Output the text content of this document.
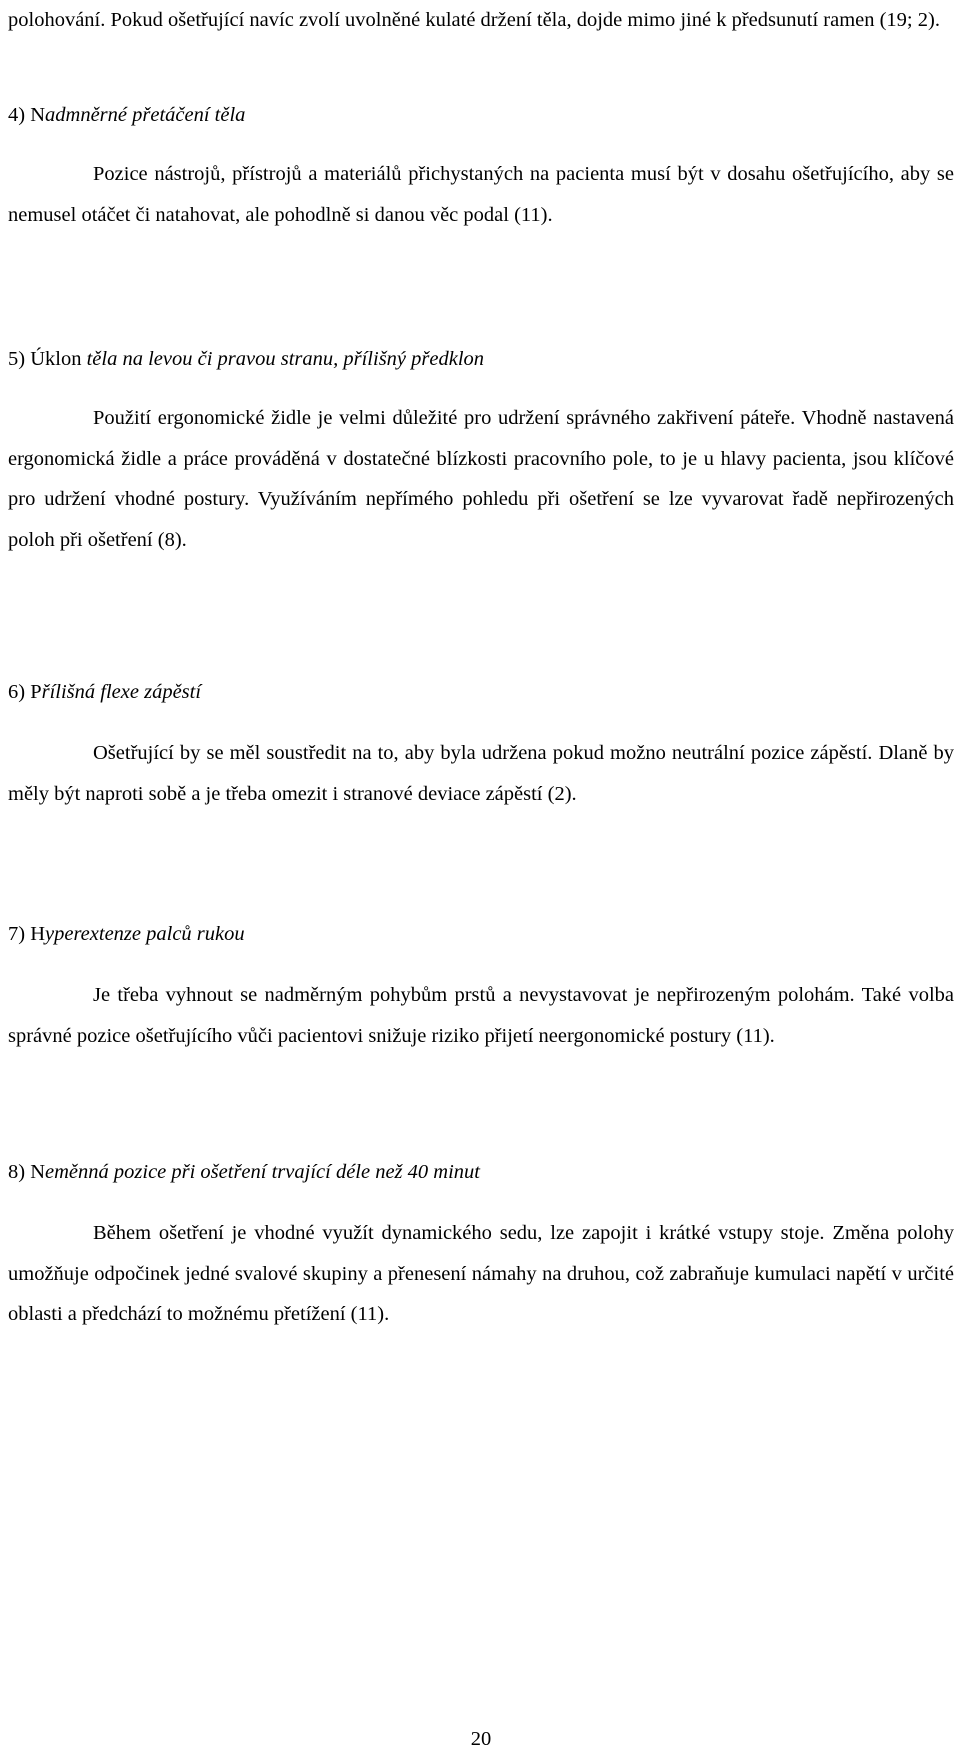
polohování. Pokud ošetřující navíc zvolí uvolněné kulaté držení těla, dojde mimo jiné k předsunutí ramen (19; 2).

4) Nadmněrné přetáčení těla

Pozice nástrojů, přístrojů a materiálů přichystaných na pacienta musí být v dosahu ošetřujícího, aby se nemusel otáčet či natahovat, ale pohodlně si danou věc podal (11).

5) Úklon těla na levou či pravou stranu, přílišný předklon

Použití ergonomické židle je velmi důležité pro udržení správného zakřivení páteře. Vhodně nastavená ergonomická židle a práce prováděná v dostatečné blízkosti pracovního pole, to je u hlavy pacienta, jsou klíčové pro udržení vhodné postury. Využíváním nepřímého pohledu při ošetření se lze vyvarovat řadě nepřirozených poloh při ošetření (8).

6) Přílišná flexe zápěstí

Ošetřující by se měl soustředit na to, aby byla udržena pokud možno neutrální pozice zápěstí. Dlaně by měly být naproti sobě a je třeba omezit i stranové deviace zápěstí (2).

7) Hyperextenze palců rukou

Je třeba vyhnout se nadměrným pohybům prstů a nevystavovat je nepřirozeným polohám. Také volba správné pozice ošetřujícího vůči pacientovi snižuje riziko přijetí neergonomické postury (11).

8) Neměnná pozice při ošetření trvající déle než 40 minut

Během ošetření je vhodné využít dynamického sedu, lze zapojit i krátké vstupy stoje. Změna polohy umožňuje odpočinek jedné svalové skupiny a přenesení námahy na druhou, což zabraňuje kumulaci napětí v určité oblasti a předchází to možnému přetížení (11).

20
